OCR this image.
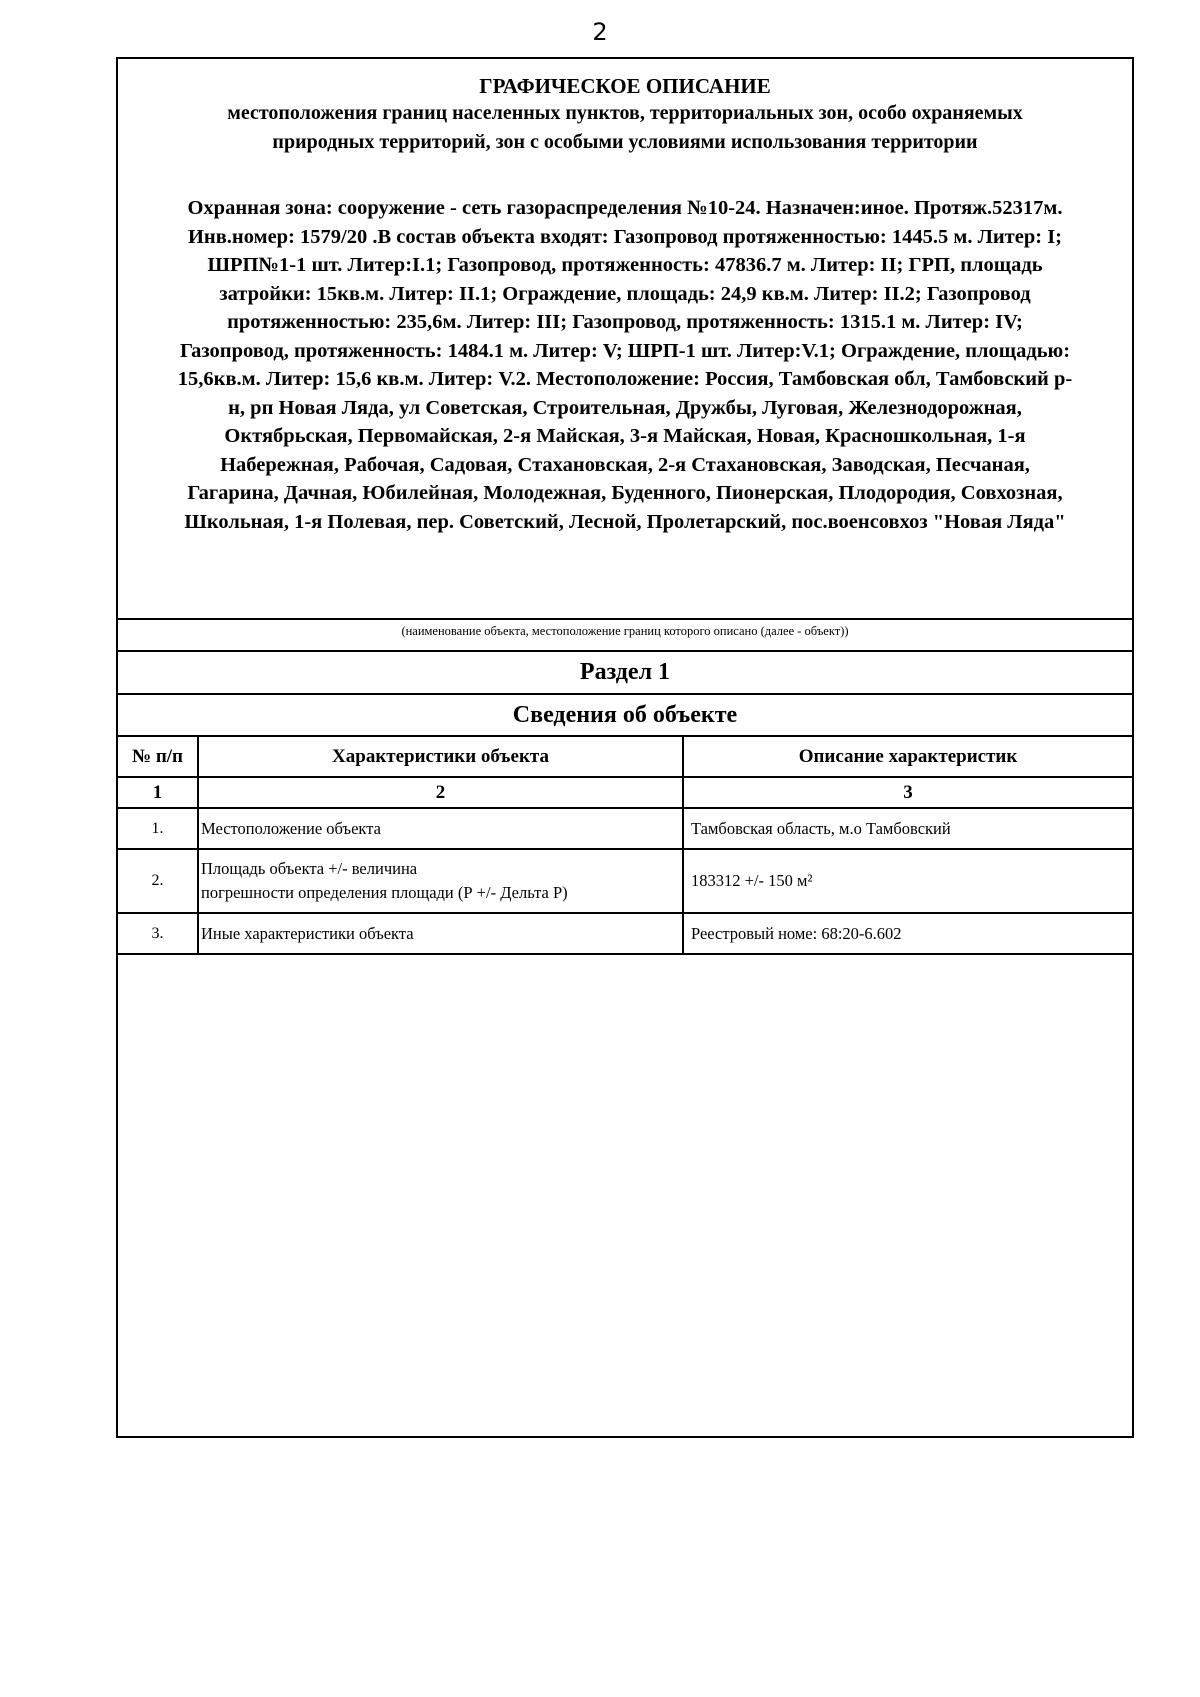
2
ГРАФИЧЕСКОЕ ОПИСАНИЕ
местоположения границ населенных пунктов, территориальных зон, особо охраняемых
природных территорий, зон с особыми условиями использования территории
Охранная зона: сооружение - сеть газораспределения №10-24. Назначен:иное. Протяж.52317м.
Инв.номер: 1579/20 .В состав объекта входят: Газопровод протяженностью: 1445.5 м. Литер: I;
ШРП№1-1 шт. Литер:I.1; Газопровод, протяженность: 47836.7 м. Литер: II; ГРП, площадь
затройки: 15кв.м. Литер: II.1; Ограждение, площадь: 24,9 кв.м. Литер: II.2; Газопровод
протяженностью: 235,6м. Литер: III; Газопровод, протяженность: 1315.1 м. Литер: IV;
Газопровод, протяженность: 1484.1 м. Литер: V; ШРП-1 шт. Литер:V.1; Ограждение, площадью:
15,6кв.м. Литер: 15,6 кв.м. Литер: V.2. Местоположение: Россия, Тамбовская обл, Тамбовский р-
н, рп Новая Ляда, ул Советская, Строительная, Дружбы, Луговая, Железнодорожная,
Октябрьская, Первомайская, 2-я Майская, 3-я Майская, Новая, Красношкольная, 1-я
Набережная, Рабочая, Садовая, Стахановская, 2-я Стахановская, Заводская, Песчаная,
Гагарина, Дачная, Юбилейная, Молодежная, Буденного, Пионерская, Плодородия, Совхозная,
Школьная, 1-я Полевая, пер. Советский, Лесной, Пролетарский, пос.военсовхоз "Новая Ляда"
(наименование объекта, местоположение границ которого описано (далее - объект))
Раздел 1
Сведения об объекте
№ п/п	Характеристики объекта	Описание характеристик
1	2	3
1.	Местоположение объекта	Тамбовская область, м.о Тамбовский
2.	Площадь объекта +/- величина
погрешности определения площади (Р +/- Дельта Р)	183312 +/- 150 м²
3.	Иные характеристики объекта	Реестровый номе: 68:20-6.602
